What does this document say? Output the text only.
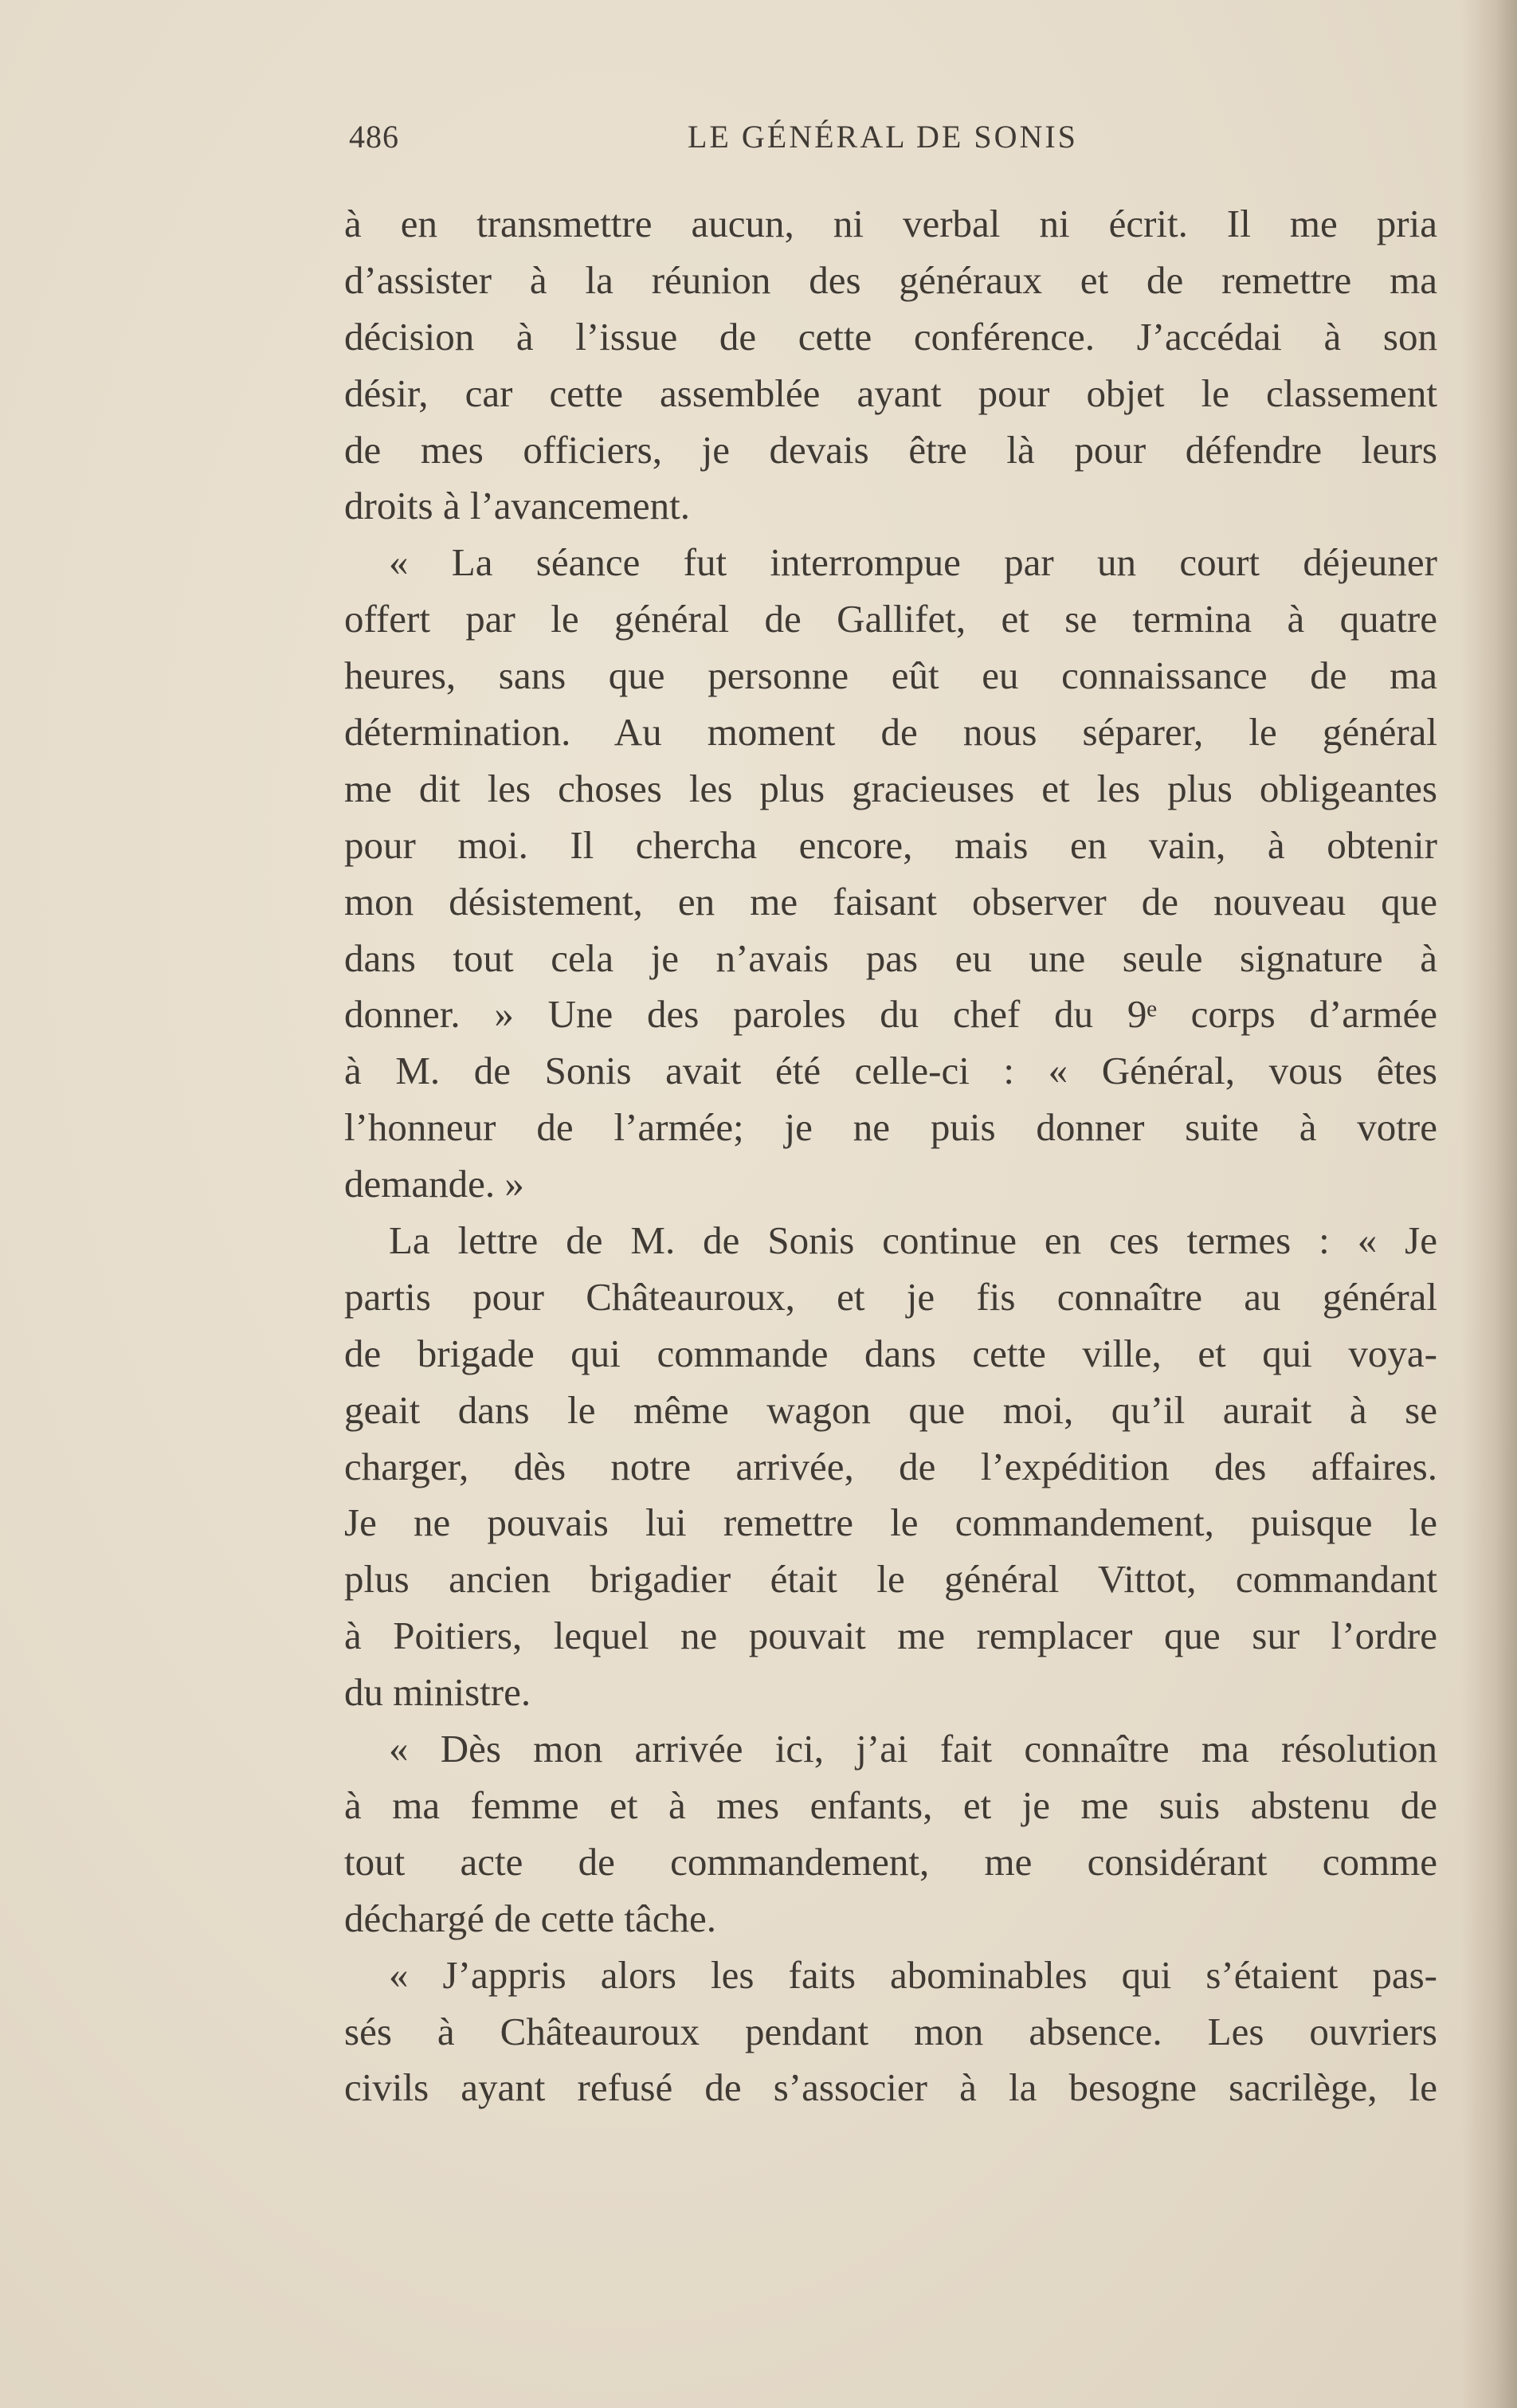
486	LE GÉNÉRAL DE SONIS
à en transmettre aucun, ni verbal ni écrit. Il me pria
d’assister à la réunion des généraux et de remettre ma
décision à l’issue de cette conférence. J’accédai à son
désir, car cette assemblée ayant pour objet le classement
de mes officiers, je devais être là pour défendre leurs
droits à l’avancement.
« La séance fut interrompue par un court déjeuner
offert par le général de Gallifet, et se termina à quatre
heures, sans que personne eût eu connaissance de ma
détermination. Au moment de nous séparer, le général
me dit les choses les plus gracieuses et les plus obligeantes
pour moi. Il chercha encore, mais en vain, à obtenir
mon désistement, en me faisant observer de nouveau que
dans tout cela je n’avais pas eu une seule signature à
donner. » Une des paroles du chef du 9ᵉ corps d’armée
à M. de Sonis avait été celle-ci : « Général, vous êtes
l’honneur de l’armée; je ne puis donner suite à votre
demande. »
La lettre de M. de Sonis continue en ces termes : « Je
partis pour Châteauroux, et je fis connaître au général
de brigade qui commande dans cette ville, et qui voya-
geait dans le même wagon que moi, qu’il aurait à se
charger, dès notre arrivée, de l’expédition des affaires.
Je ne pouvais lui remettre le commandement, puisque le
plus ancien brigadier était le général Vittot, commandant
à Poitiers, lequel ne pouvait me remplacer que sur l’ordre
du ministre.
« Dès mon arrivée ici, j’ai fait connaître ma résolution
à ma femme et à mes enfants, et je me suis abstenu de
tout acte de commandement, me considérant comme
déchargé de cette tâche.
« J’appris alors les faits abominables qui s’étaient pas-
sés à Châteauroux pendant mon absence. Les ouvriers
civils ayant refusé de s’associer à la besogne sacrilège, le
